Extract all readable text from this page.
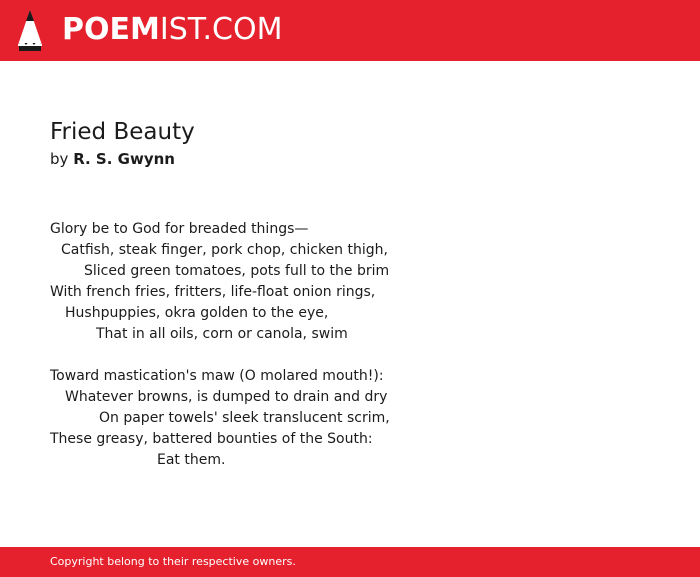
POEMIST.COM
Fried Beauty
by R. S. Gwynn
Glory be to God for breaded things—
Catfish, steak finger, pork chop, chicken thigh,
Sliced green tomatoes, pots full to the brim
With french fries, fritters, life-float onion rings,
Hushpuppies, okra golden to the eye,
That in all oils, corn or canola, swim
Toward mastication's maw (O molared mouth!):
Whatever browns, is dumped to drain and dry
On paper towels' sleek translucent scrim,
These greasy, battered bounties of the South:
Eat them.
Copyright belong to their respective owners.
